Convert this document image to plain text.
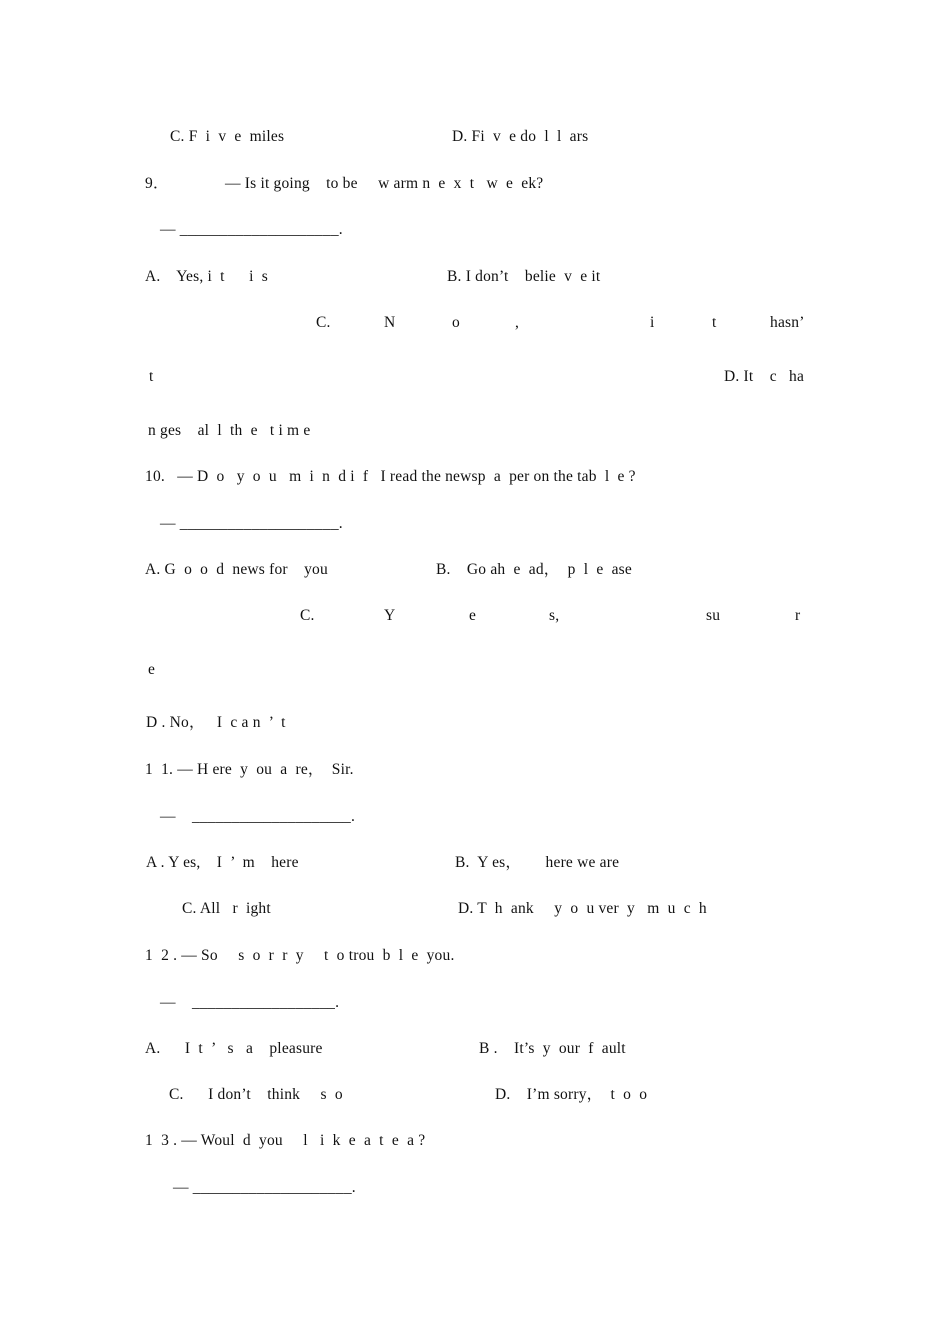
C. F  i  v  e  miles	D. Fi  v  e do  l  l  ars
9．	— Is it going    to be     w arm n  e  x  t   w  e  ek?
— ____________________.
A.    Yes, i  t      i  s	B. I don’t    belie  v  e it
C.	N	o	,	i	t	hasn’
t	D. It    c   ha
n ges    al  l  th  e   t i m e
10.   — D  o   y  o  u   m  i  n  d i  f   I read the newsp  a  per on the tab  l  e ?
— ____________________.
A. G  o  o  d  news for    you	B.    Go ah  e  ad，  p  l  e  ase
C.	Y	e	s,	su	r
e
D . No，   I  c a n  ’  t
1  1. — H ere  y  ou  a  re，  Sir.
—    ____________________.
A . Y es,    I  ’  m    here	B.  Y es，      here we are
C. All   r  ight	D. T  h  ank     y  o  u ver  y   m  u  c  h
1  2 . — So     s  o  r  r  y     t  o trou  b  l  e  you.
—    __________________.
A.      I  t  ’   s   a    pleasure	B .    It’s  y  our  f  ault
C.      I don’t    think     s  o	D.    I’m sorry，  t  o  o
1  3 . — Woul  d  you     l   i  k  e  a  t  e  a ?
— ____________________.
